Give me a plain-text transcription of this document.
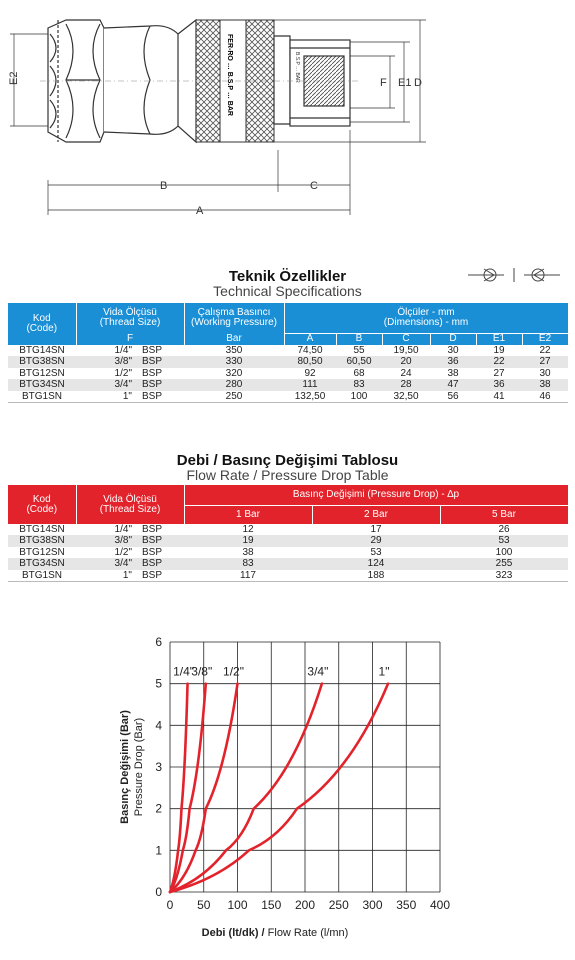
FER-RO … B.S.P … BAR	B.S.P … BAR
E2
B	C
A
F E1 D
Teknik Özellikler
Technical Specifications
Kod
(Code)	Vida Ölçüsü
(Thread Size)	Çalışma Basıncı
(Working Pressure)	Ölçüler - mm
(Dimensions) - mm					

	F	Bar	A	B	C	D	E1	E2
BTG14SN	1/4" BSP	350	74,50	55	19,50	30	19	22
BTG38SN	3/8" BSP	330	80,50	60,50	20	36	22	27
BTG12SN	1/2" BSP	320	92	68	24	38	27	30
BTG34SN	3/4" BSP	280	111	83	28	47	36	38
BTG1SN	1" BSP	250	132,50	100	32,50	56	41	46
Debi / Basınç Değişimi Tablosu
Flow Rate / Pressure Drop Table
Kod
(Code)	Vida Ölçüsü
(Thread Size)	Basınç Değişimi (Pressure Drop) - ∆p		
		1 Bar	2 Bar	5 Bar
BTG14SN	1/4" BSP	12	17	26
BTG38SN	3/8" BSP	19	29	53
BTG12SN	1/2" BSP	38	53	100
BTG34SN	3/4" BSP	83	124	255
BTG1SN	1" BSP	117	188	323
0 50 100 150 200 250 300 350 400
0
1
2
3
4
5
6
1/4"
3/8" 1/2"	3/4"	1"
Debi (lt/dk) / Flow Rate (l/mn)
Basınç Değişimi (Bar) Pressure Drop (Bar)
